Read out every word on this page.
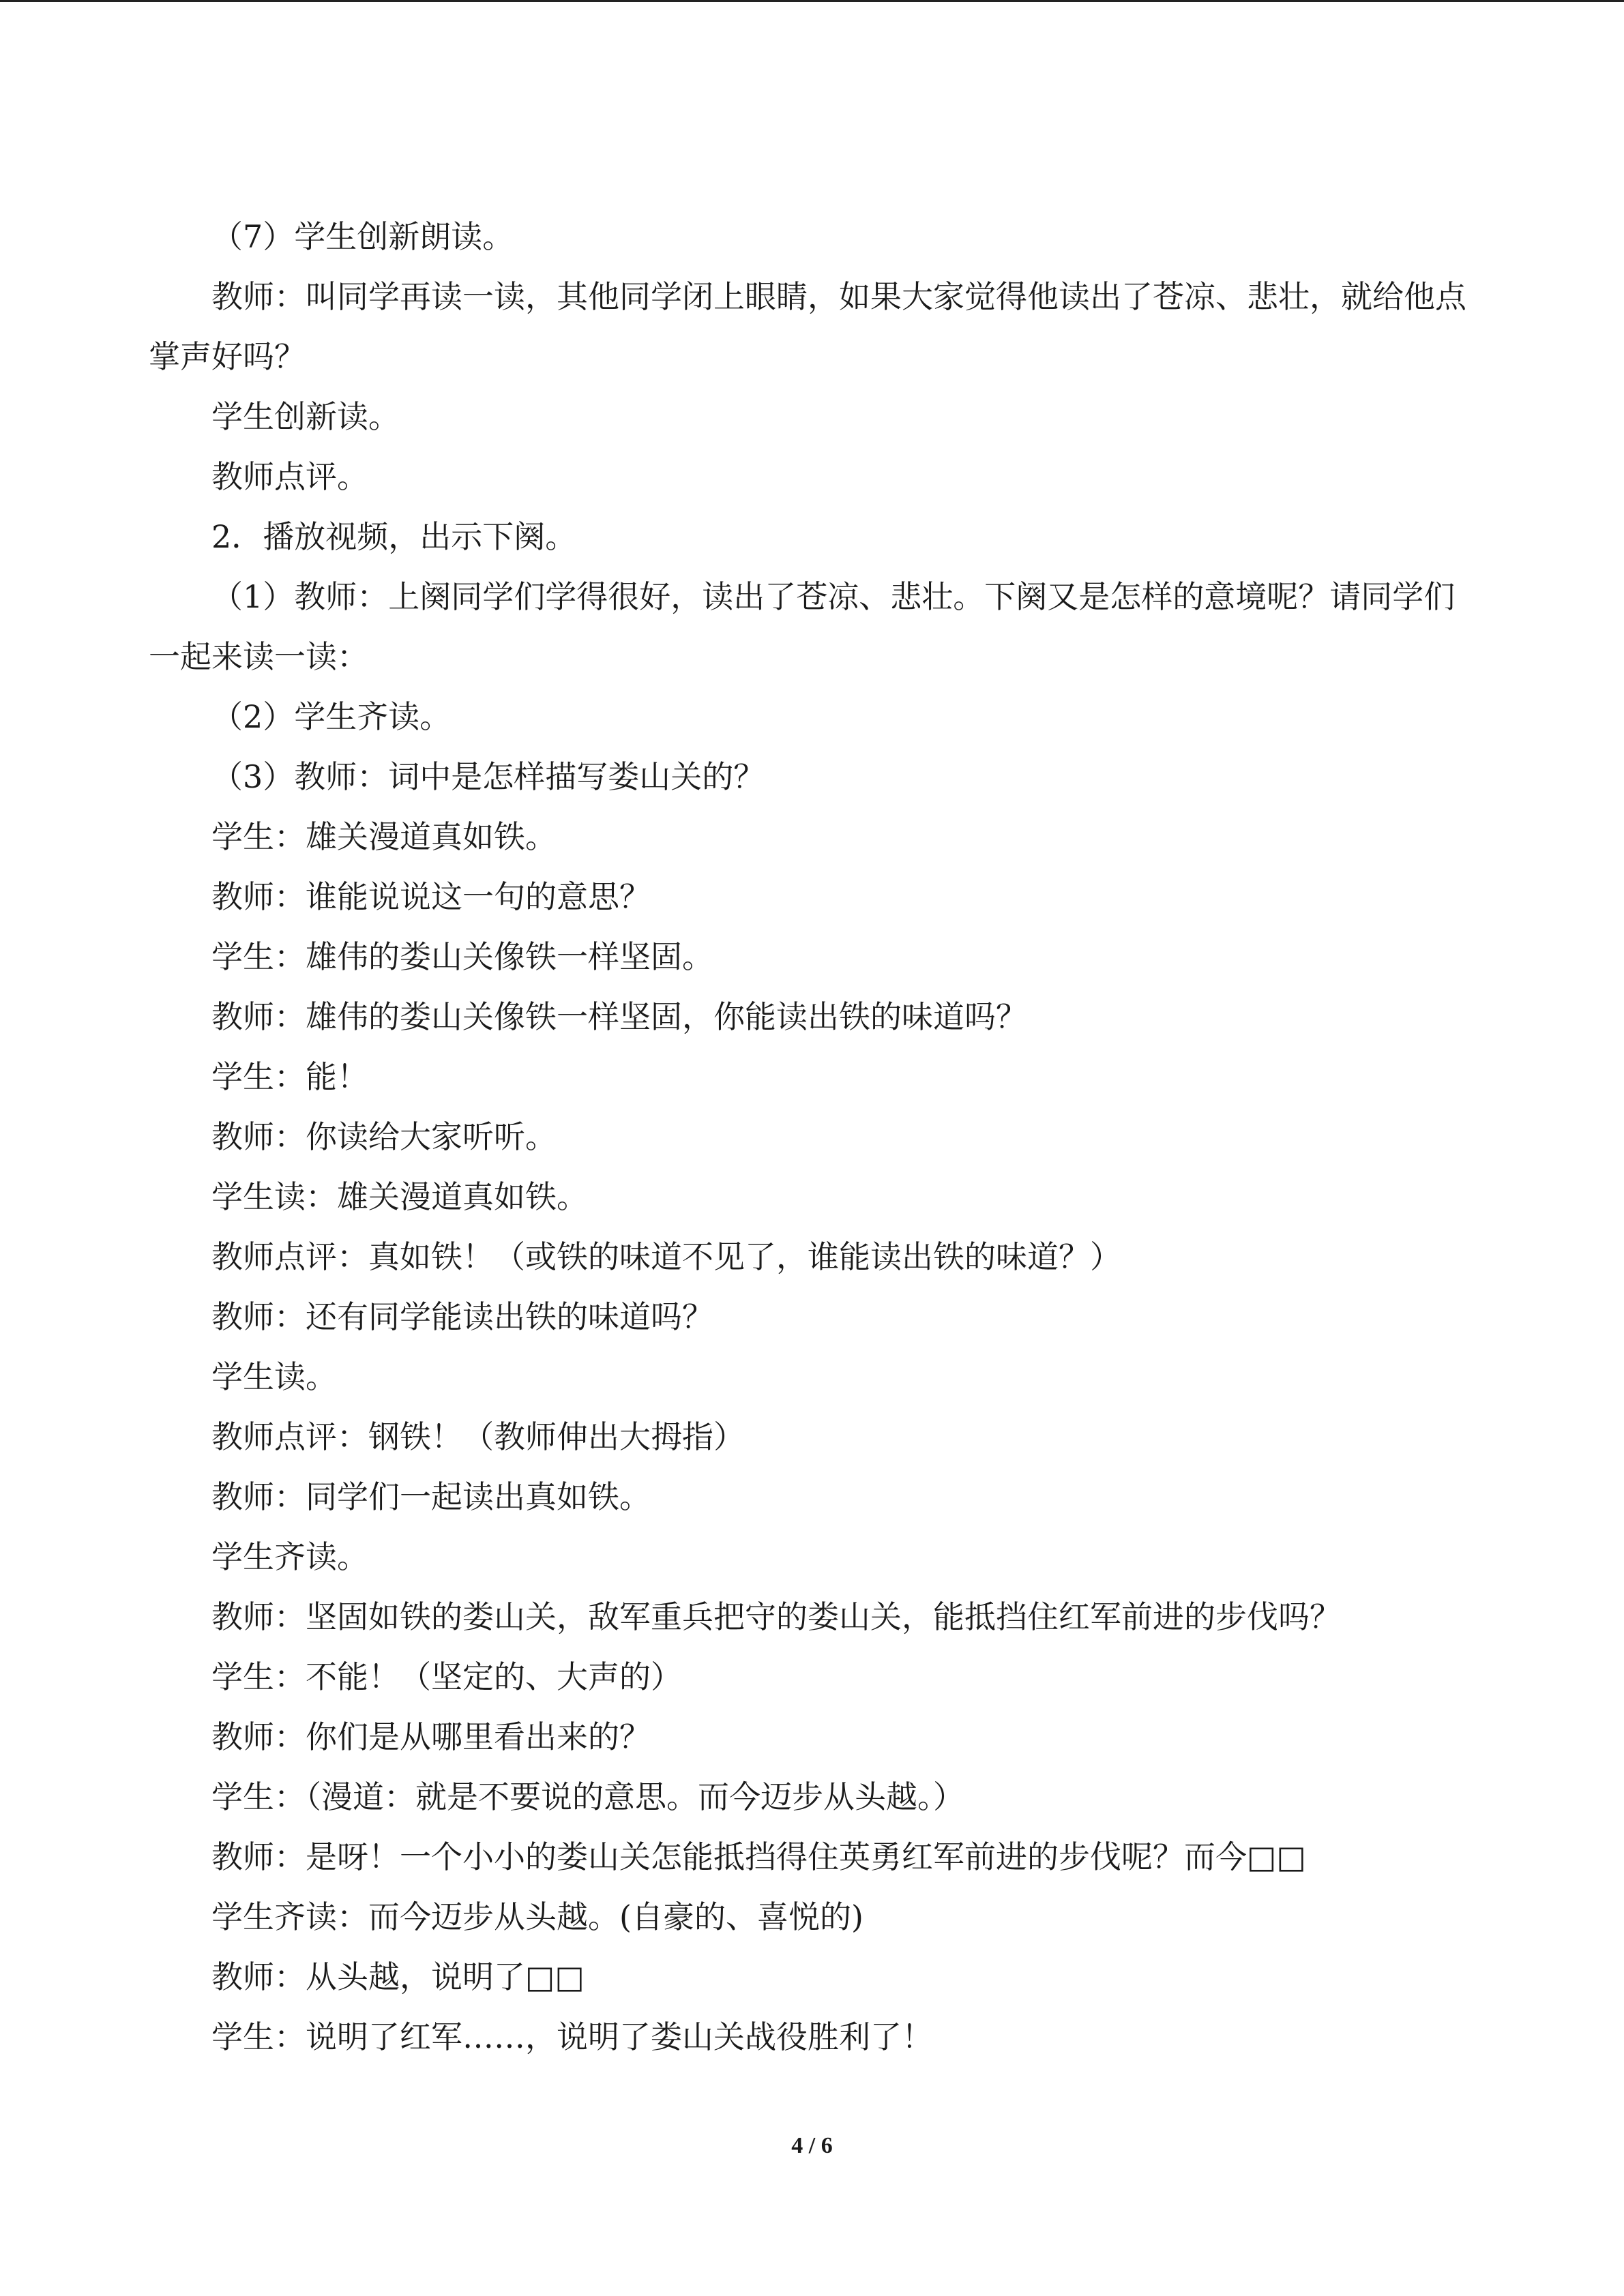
（7）学生创新朗读。

教师：叫同学再读一读，其他同学闭上眼睛，如果大家觉得他读出了苍凉、悲壮，就给他点掌声好吗？

学生创新读。

教师点评。

2．播放视频，出示下阕。

（1）教师：上阕同学们学得很好，读出了苍凉、悲壮。下阕又是怎样的意境呢？请同学们一起来读一读：

（2）学生齐读。

（3）教师：词中是怎样描写娄山关的？

学生：雄关漫道真如铁。

教师：谁能说说这一句的意思？

学生：雄伟的娄山关像铁一样坚固。

教师：雄伟的娄山关像铁一样坚固，你能读出铁的味道吗？

学生：能！

教师：你读给大家听听。

学生读：雄关漫道真如铁。

教师点评：真如铁！（或铁的味道不见了，谁能读出铁的味道？）

教师：还有同学能读出铁的味道吗？

学生读。

教师点评：钢铁！（教师伸出大拇指）

教师：同学们一起读出真如铁。

学生齐读。

教师：坚固如铁的娄山关，敌军重兵把守的娄山关，能抵挡住红军前进的步伐吗？

学生：不能！（坚定的、大声的）

教师：你们是从哪里看出来的？

学生：（漫道：就是不要说的意思。而今迈步从头越。）

教师：是呀！一个小小的娄山关怎能抵挡得住英勇红军前进的步伐呢？而今□□

学生齐读：而今迈步从头越。(自豪的、喜悦的)

教师：从头越，说明了□□

学生：说明了红军……，说明了娄山关战役胜利了！

4 / 6
